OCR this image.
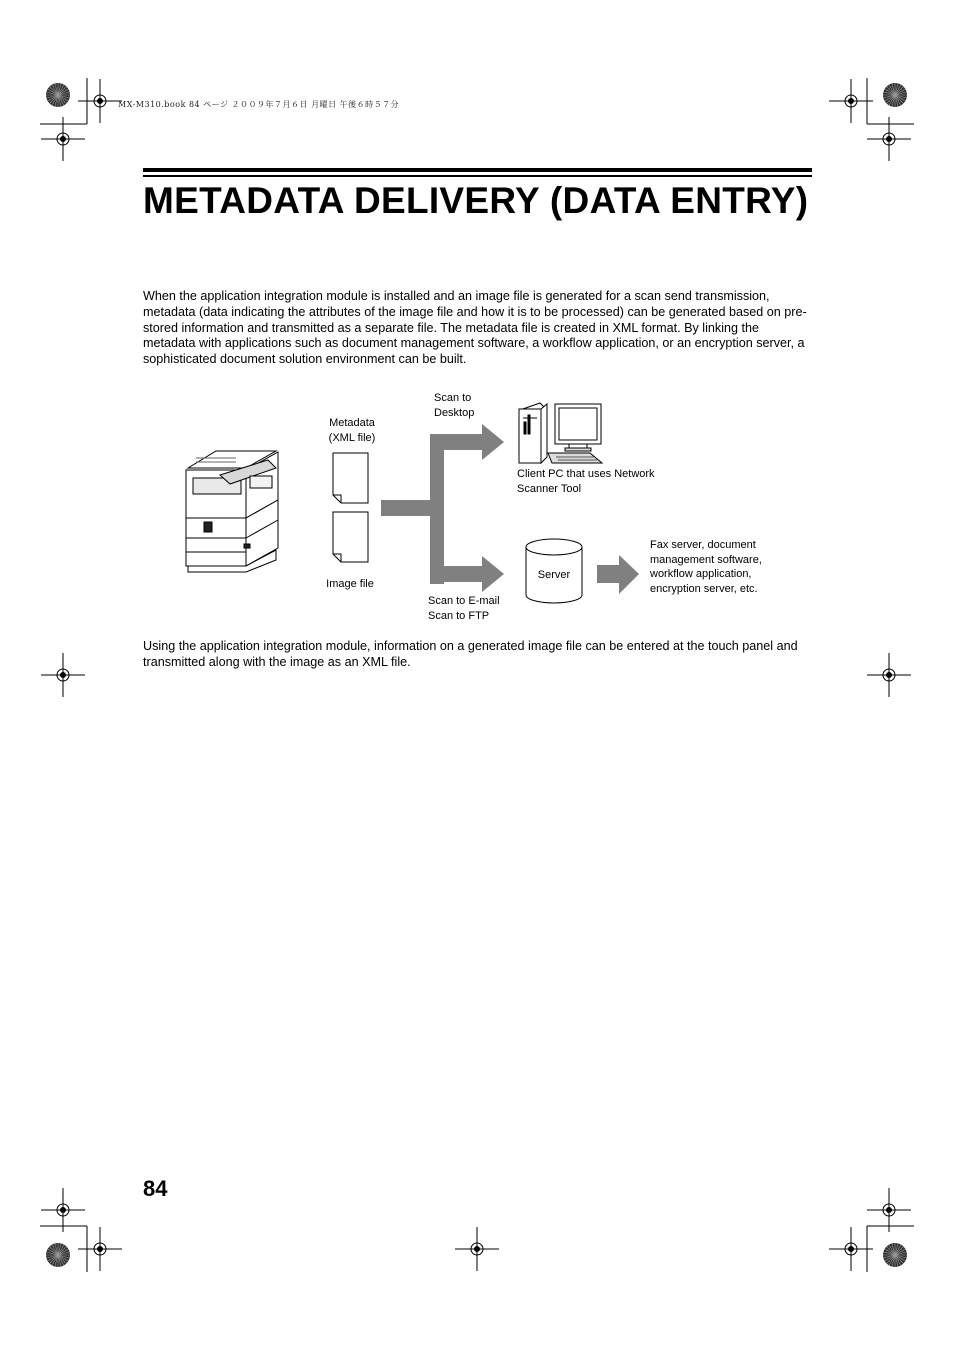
MX-M310.book 84 ページ ２００９年７月６日 月曜日 午後６時５７分
METADATA DELIVERY (DATA ENTRY)

When the application integration module is installed and an image file is generated for a scan send transmission, metadata (data indicating the attributes of the image file and how it is to be processed) can be generated based on pre-stored information and transmitted as a separate file. The metadata file is created in XML format. By linking the metadata with applications such as document management software, a workflow application, or an encryption server, a sophisticated document solution environment can be built.

Server
Metadata
(XML file)
Image file
Scan to
Desktop
Scan to E-mail
Scan to FTP
Client PC that uses Network
Scanner Tool
Fax server, document
management software,
workflow application,
encryption server, etc.

Using the application integration module, information on a generated image file can be entered at the touch panel and transmitted along with the image as an XML file.

84
